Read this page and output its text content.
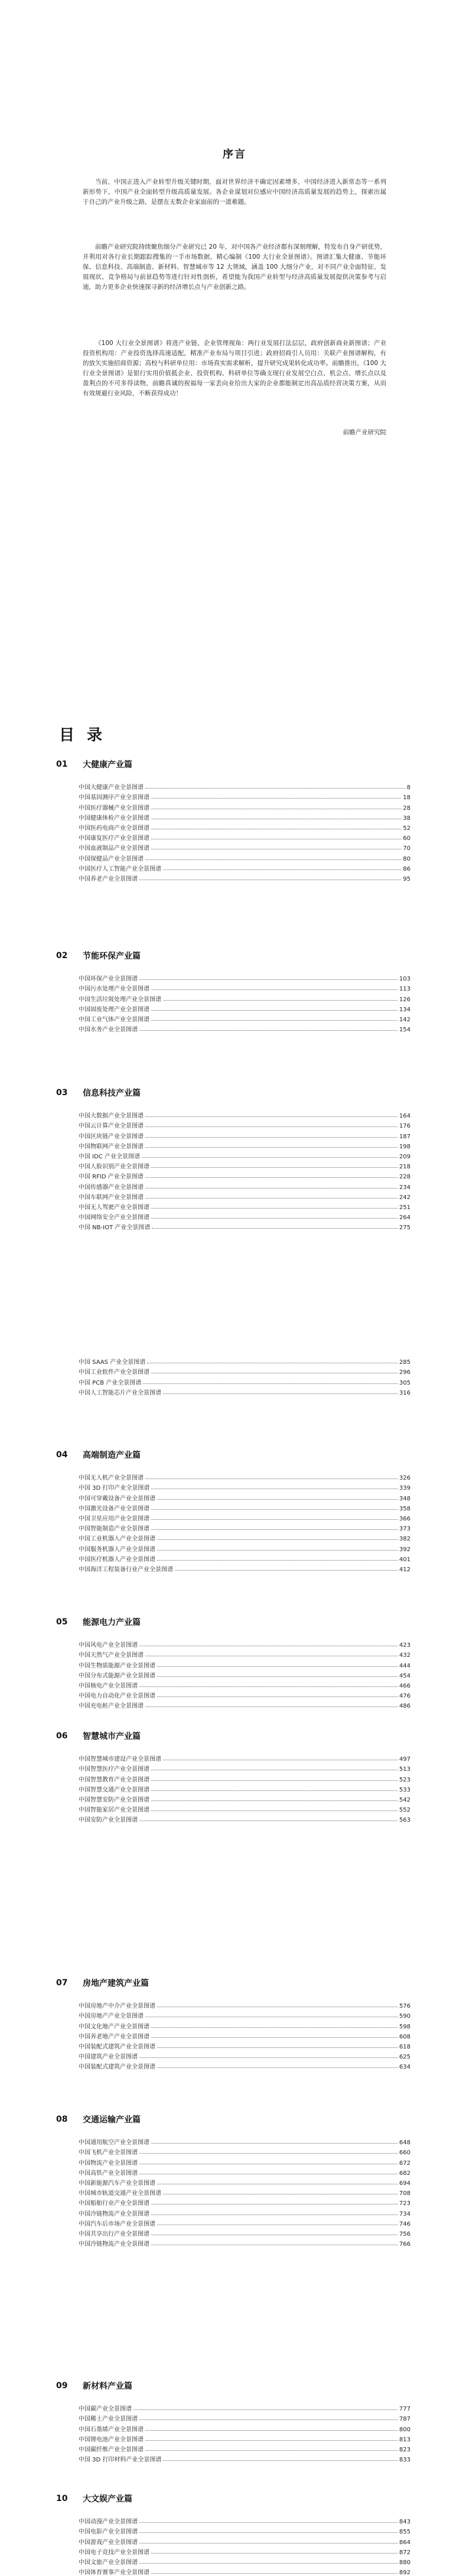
序言

当前，中国正进入产业转型升级关键时期，面对世界经济不确定因素增多，中国经济进入新常态等一系列新形势下，中国产业全面转型升级高质量发展。各企业谋划对位感应中国经济高质量发展的趋势上，探索出属于自己的产业升级之路，是摆在无数企业家面前的一道难题。

前瞻产业研究院持续聚焦细分产业研究已 20 年，对中国各产业经济都有深刻理解，特发布自身产研优势，并利用对各行业长期跟踪搜集的一手市场数据，精心编制《100 大行业全景图谱》。图谱汇集大健康、节能环保、信息科技、高端制造、新材料、智慧城市等 12 大领域，涵盖 100 大细分产业，对不同产业全面特征、发展现状、竞争格局与前景趋势等进行针对性剖析，希望能为我国产业转型与经济高质量发展提供决策参考与启迪，助力更多企业快速探寻新的经济增长点与产业创新之路。

《100 大行业全景图谱》将进产业链、企业管理视角：两行业发展打法层层，政府创新商业新图谱；产业投资机构用：产业投资选择高速适配，精准产业布局与项目引进；政府招商引人员用：关联产业图谱解构，有的放矢实施招商资源；高校与科研单位用：市场真实需求解析，提升研究成果转化成功率。前瞻推出，《100 大行业全景图谱》是银行实用价值抵企业、投资机构、科研单位等确支现行业发展空白点、机会点、增长点以及盈利点的不可多得读物，前瞻真诚的祝福每一家丢向业给出大家的企业都能制定出高品质经营决策方案，从而有效规避行业风险，不断获得成功！

前瞻产业研究院
目 录
01	大健康产业篇
中国大健康产业全景图谱	8
中国基因测序产业全景图谱	18
中国医疗器械产业全景图谱	28
中国健康体检产业全景图谱	38
中国医药电商产业全景图谱	52
中国康复医疗产业全景图谱	60
中国血液制品产业全景图谱	70
中国保健品产业全景图谱	80
中国医疗人工智能产业全景图谱	86
中国养老产业全景图谱	95
02	节能环保产业篇
中国环保产业全景图谱	103
中国污水处理产业全景图谱	113
中国生活垃圾处理产业全景图谱	126
中国固废处理产业全景图谱	134
中国工业气体产业全景图谱	142
中国水务产业全景图谱	154
03	信息科技产业篇
中国大数据产业全景图谱	164
中国云计算产业全景图谱	176
中国区块链产业全景图谱	187
中国物联网产业全景图谱	198
中国 IDC 产业全景图谱	209
中国人脸识别产业全景图谱	218
中国 RFID 产业全景图谱	228
中国传感器产业全景图谱	234
中国车联网产业全景图谱	242
中国无人驾驶产业全景图谱	251
中国网络安全产业全景图谱	264
中国 NB-IOT 产业全景图谱	275
中国 SAAS 产业全景图谱	285
中国工业软件产业全景图谱	296
中国 PCB 产业全景图谱	305
中国人工智能芯片产业全景图谱	316
04	高端制造产业篇
中国无人机产业全景图谱	326
中国 3D 打印产业全景图谱	339
中国可穿戴设备产业全景图谱	348
中国激光设备产业全景图谱	358
中国卫星应用产业全景图谱	366
中国智能制造产业全景图谱	373
中国工业机器人产业全景图谱	382
中国服务机器人产业全景图谱	392
中国医疗机器人产业全景图谱	401
中国海洋工程装备行业产业全景图谱	412
05	能源电力产业篇
中国风电产业全景图谱	423
中国天然气产业全景图谱	432
中国生物质能源产业全景图谱	444
中国分布式能源产业全景图谱	454
中国核电产业全景图谱	466
中国电力自动化产业全景图谱	476
中国充电桩产业全景图谱	486
06	智慧城市产业篇
中国智慧城市建设产业全景图谱	497
中国智慧医疗产业全景图谱	513
中国智慧教育产业全景图谱	523
中国智慧交通产业全景图谱	533
中国智慧安防产业全景图谱	542
中国智能家居产业全景图谱	552
中国安防产业全景图谱	563
07	房地产建筑产业篇
中国房地产中介产业全景图谱	576
中国房地产产业全景图谱	590
中国文化地产产业全景图谱	598
中国养老地产产业全景图谱	608
中国装配式建筑产业全景图谱	618
中国建筑产业全景图谱	625
中国装配式建筑产业全景图谱	634
08	交通运输产业篇
中国通用航空产业全景图谱	648
中国飞机产业全景图谱	660
中国物流产业全景图谱	672
中国高铁产业全景图谱	682
中国新能源汽车产业全景图谱	694
中国城市轨道交通产业全景图谱	708
中国船舶行业产业全景图谱	723
中国冷链物流产业全景图谱	734
中国汽车后市场产业全景图谱	746
中国共享出行产业全景图谱	756
中国冷链物流产业全景图谱	766
09	新材料产业篇
中国碳产业全景图谱	777
中国稀土产业全景图谱	787
中国石墨烯产业全景图谱	800
中国锂电池产业全景图谱	813
中国碳纤维产业全景图谱	823
中国 3D 打印材料产业全景图谱	833
10	大文娱产业篇
中国动漫产业全景图谱	843
中国电影产业全景图谱	855
中国游戏产业全景图谱	864
中国电子竞技产业全景图谱	872
中国文旅产业全景图谱	880
中国体育赛事产业全景图谱	892
